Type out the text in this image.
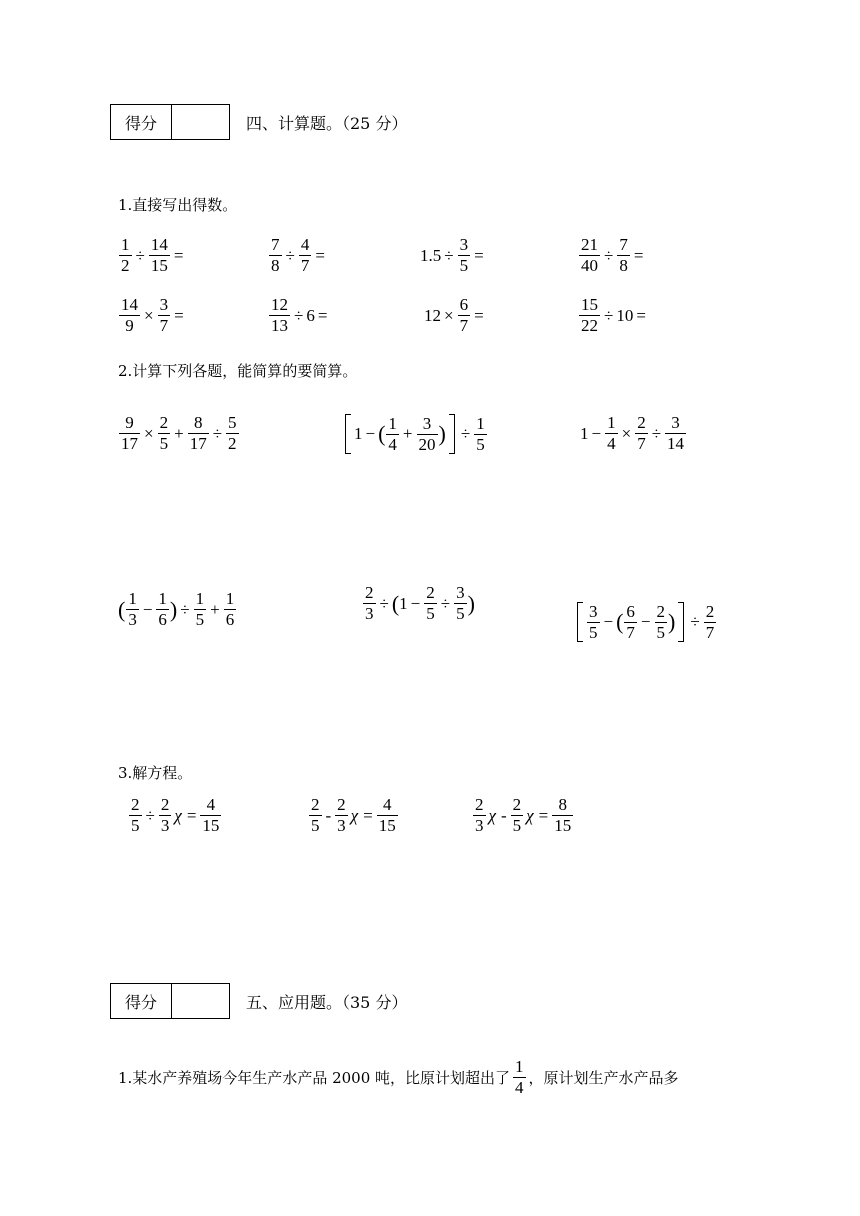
得分	四、计算题。（25 分）
1.直接写出得数。
$\frac{1}{2} \div \frac{14}{15}$ =	$\frac{7}{8} \div \frac{4}{7}$ =	$1.5 \div \frac{3}{5}$ =	$\frac{21}{40} \div \frac{7}{8}$ =
$\frac{14}{9} \times \frac{3}{7}$ =	$\frac{12}{13} \div 6$ =	$12 \times \frac{6}{7}$ =	$\frac{15}{22} \div 10$ =
2.计算下列各题，能简算的要简算。
$\frac{9}{17} \times \frac{2}{5} + \frac{8}{17} \div \frac{5}{2}$	1 − ( $\frac{1}{4} + \frac{3}{20}$ ) ÷ $\frac{1}{5}$	$1 - \frac{1}{4} \times \frac{2}{7} \div \frac{3}{14}$
( $\frac{1}{3} - \frac{1}{6}$ ) ÷ $\frac{1}{5} + \frac{1}{6}$	$\frac{2}{3}$ ÷ ( $1 - \frac{2}{5} \div \frac{3}{5}$ )	$\frac{3}{5}$ − ( $\frac{6}{7} - \frac{2}{5}$ ) ÷ $\frac{2}{7}$
3.解方程。
$\frac{2}{5} \div \frac{2}{3}$ $\chi = \frac{4}{15}$	$\frac{2}{5} - \frac{2}{3}$ $\chi = \frac{4}{15}$	$\frac{2}{3}$ χ - $\frac{2}{5}$ $\chi = \frac{8}{15}$
得分	五、应用题。（35 分）
1.某水产养殖场今年生产水产品 2000 吨，比原计划超出了 $\frac{1}{4}$ ，原计划生产水产品多
